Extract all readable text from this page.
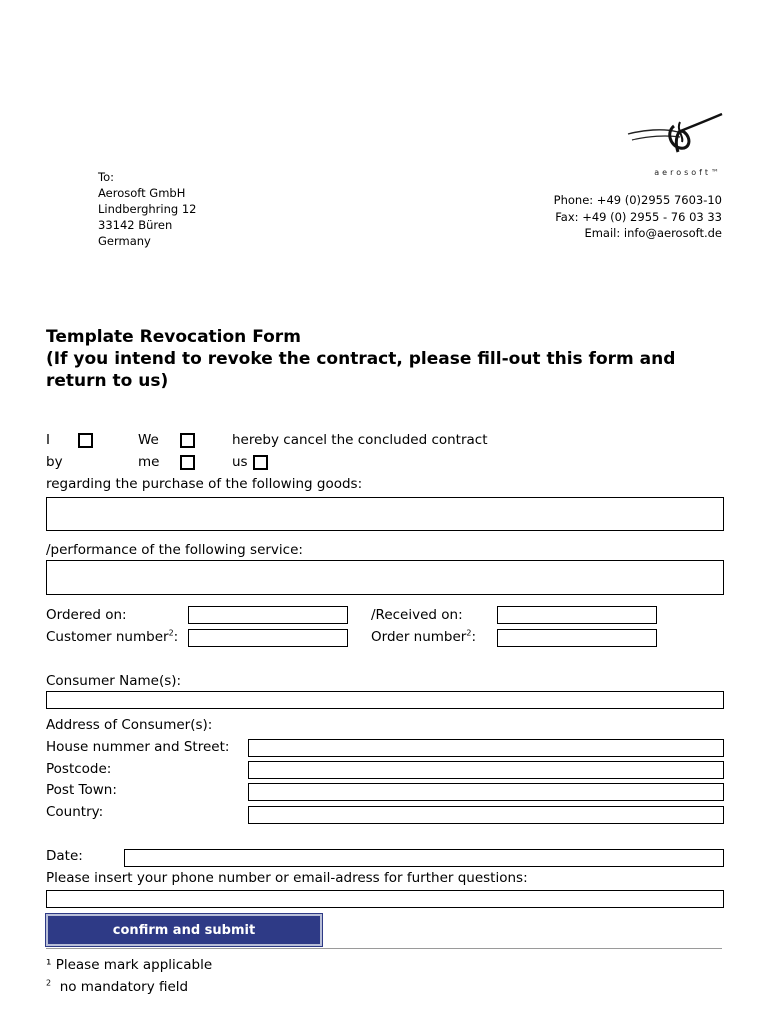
To:
Aerosoft GmbH
Lindberghring 12
33142 Büren
Germany
aerosoft™
Phone: +49 (0)2955 7603-10
Fax: +49 (0) 2955 - 76 03 33
Email: info@aerosoft.de
Template Revocation Form
(If you intend to revoke the contract, please fill-out this form and
return to us)
I	We	hereby cancel the concluded contract
by	me	us
regarding the purchase of the following goods:
/performance of the following service:
Ordered on:	/Received on:
Customer number$^2$:	Order number$^2$:
Consumer Name(s):
Address of Consumer(s):
House nummer and Street:
Postcode:
Post Town:
Country:
Date:
Please insert your phone number or email-adress for further questions:
confirm and submit
¹ Please mark applicable
$^2$ no mandatory field
